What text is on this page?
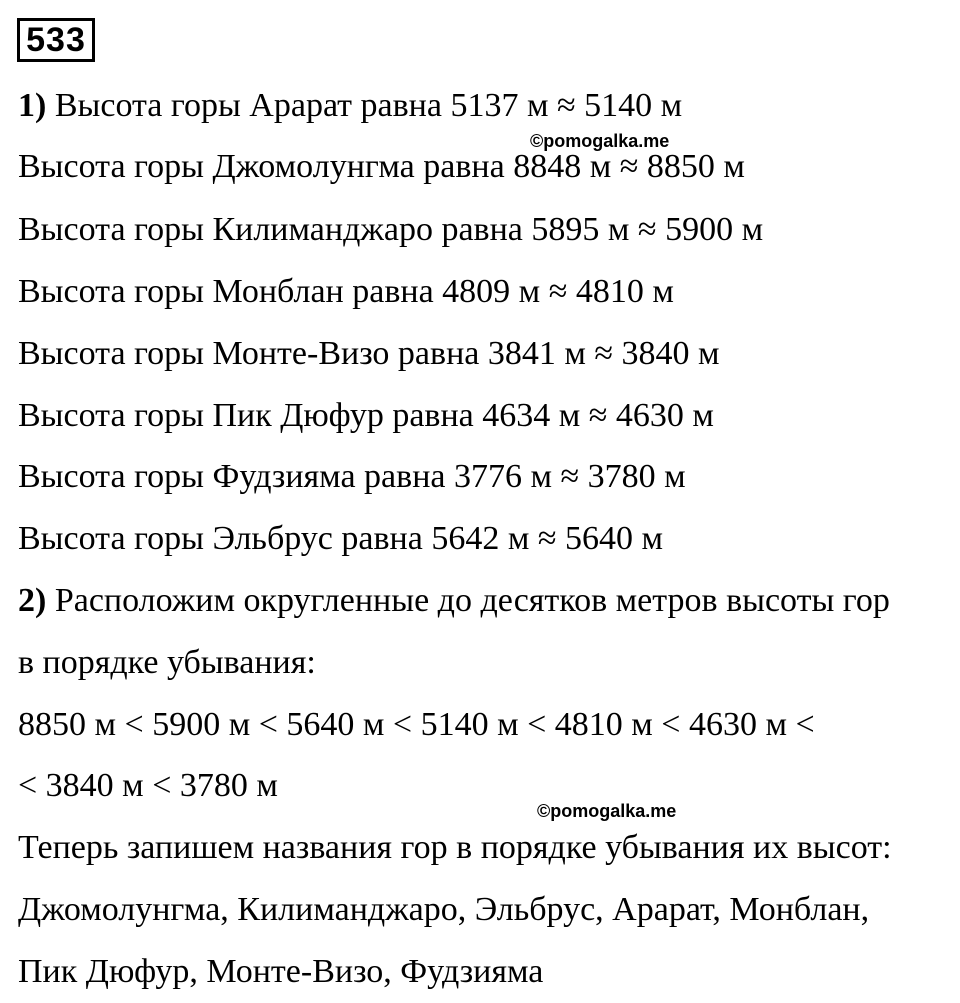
533
1) Высота горы Арарат равна 5137 м ≈ 5140 м
©pomogalka.me
Высота горы Джомолунгма равна 8848 м ≈ 8850 м
Высота горы Килиманджаро равна 5895 м ≈ 5900 м
Высота горы Монблан равна 4809 м ≈ 4810 м
Высота горы Монте-Визо равна 3841 м ≈ 3840 м
Высота горы Пик Дюфур равна 4634 м ≈ 4630 м
Высота горы Фудзияма равна 3776 м ≈ 3780 м
Высота горы Эльбрус равна 5642 м ≈ 5640 м
2) Расположим округленные до десятков метров высоты гор
в порядке убывания:
8850 м < 5900 м < 5640 м < 5140 м < 4810 м < 4630 м <
< 3840 м < 3780 м
©pomogalka.me
Теперь запишем названия гор в порядке убывания их высот:
Джомолунгма, Килиманджаро, Эльбрус, Арарат, Монблан,
Пик Дюфур, Монте-Визо, Фудзияма
